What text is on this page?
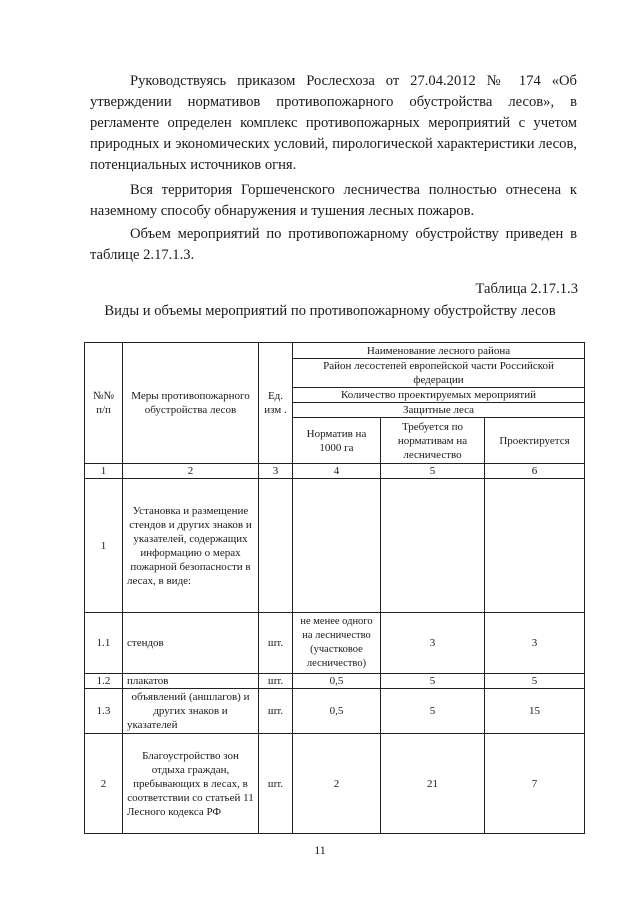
Руководствуясь приказом Рослесхоза от 27.04.2012 № 174 «Об утверждении нормативов противопожарного обустройства лесов», в регламенте определен комплекс противопожарных мероприятий с учетом природных и экономических условий, пирологической характеристики лесов, потенциальных источников огня.

Вся территория Горшеченского лесничества полностью отнесена к наземному способу обнаружения и тушения лесных пожаров.

Объем мероприятий по противопожарному обустройству приведен в таблице 2.17.1.3.

Таблица 2.17.1.3
Виды и объемы мероприятий по противопожарному обустройству лесов
№№ п/п	Меры противопожарного обустройства лесов	Ед. изм .	Наименование лесного района		
			Район лесостепей европейской части Российской федерации		
			Количество проектируемых мероприятий		
			Защитные леса		
			Норматив на 1000 га	Требуется по нормативам на лесничество	Проектируется
1	2	3	4	5	6
1	Установка и размещение стендов и других знаков и указателей, содержащих информацию о мерах пожарной безопасности в лесах, в виде:				
1.1	стендов	шт.	не менее одного на лесничество (участковое лесничество)	3	3
1.2	плакатов	шт.	0,5	5	5
1.3	объявлений (аншлагов) и других знаков и указателей	шт.	0,5	5	15
2	Благоустройство зон отдыха граждан, пребывающих в лесах, в соответствии со статьей 11 Лесного кодекса РФ	шт.	2	21	7
11
